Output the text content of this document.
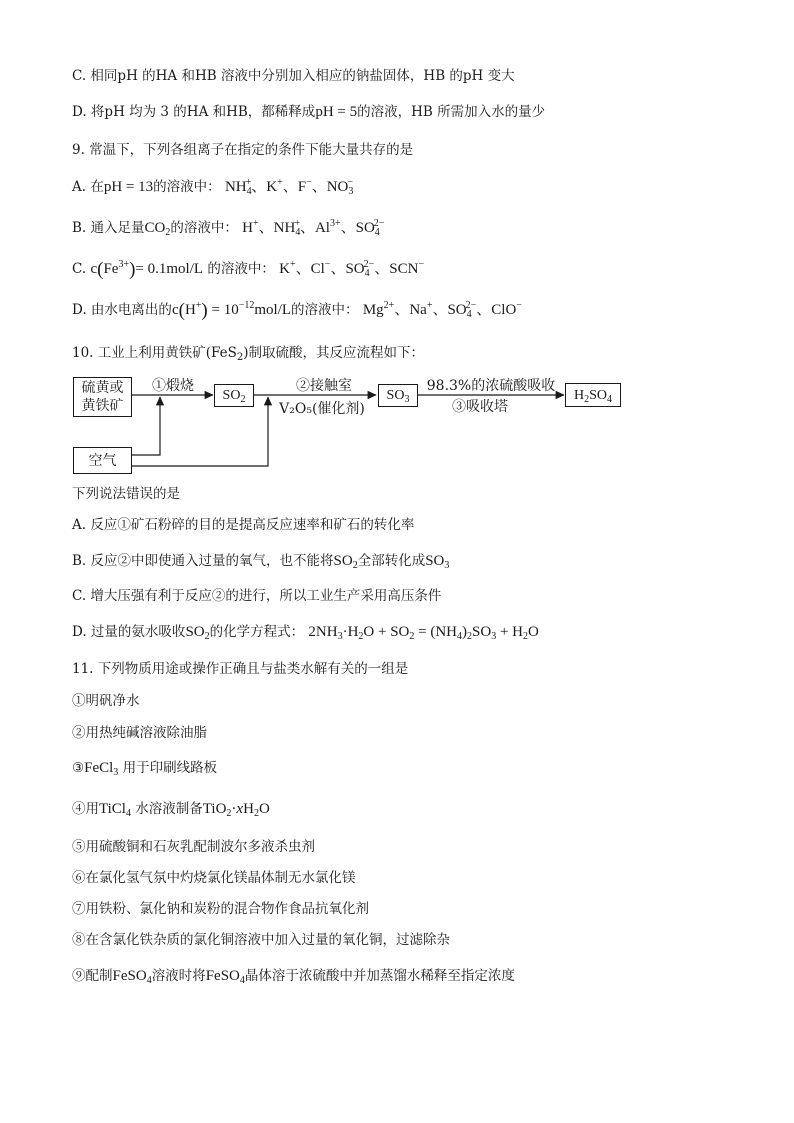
C. 相同pH 的HA 和HB 溶液中分别加入相应的钠盐固体，HB 的pH 变大
D. 将pH 均为 3 的HA 和HB，都稀释成pH = 5的溶液，HB 所需加入水的量少
9. 常温下，下列各组离子在指定的条件下能大量共存的是
A. 在pH = 13的溶液中： $NH_4^+$、K+、F−、$NO_3^-$
B. 通入足量$CO_2$的溶液中： H+、$NH_4^+$、$Al^{3+}$、$SO_4^{2-}$
C. $c(Fe^{3+})= 0.1mol/L$ 的溶液中： K+、Cl−、$SO_4^{2-}$、SCN−
D. 由水电离出的$c(H^+) = 10^{-12}mol/L$的溶液中： $Mg^{2+}$、Na+、$SO_4^{2-}$、ClO−
10. 工业上利用黄铁矿(FeS$_2$)制取硫酸，其反应流程如下：
硫黄或
黄铁矿
①煅烧
$SO_2$
②接触室
V₂O₅(催化剂)
$SO_3$
98.3%的浓硫酸吸收
③吸收塔
$H_2SO_4$
空气
下列说法错误的是
A. 反应①矿石粉碎的目的是提高反应速率和矿石的转化率
B. 反应②中即使通入过量的氧气，也不能将$SO_2$全部转化成$SO_3$
C. 增大压强有利于反应②的进行，所以工业生产采用高压条件
D. 过量的氨水吸收$SO_2$的化学方程式： $2NH_3\cdot H_2O + SO_2 = (NH_4)_2SO_3 + H_2O$
11. 下列物质用途或操作正确且与盐类水解有关的一组是
①明矾净水
②用热纯碱溶液除油脂
③FeCl$_3$ 用于印刷线路板
④用TiCl$_4$ 水溶液制备$TiO_2\cdot xH_2O$
⑤用硫酸铜和石灰乳配制波尔多液杀虫剂
⑥在氯化氢气氛中灼烧氯化镁晶体制无水氯化镁
⑦用铁粉、氯化钠和炭粉的混合物作食品抗氧化剂
⑧在含氯化铁杂质的氯化铜溶液中加入过量的氧化铜，过滤除杂
⑨配制FeSO$_4$溶液时将FeSO$_4$晶体溶于浓硫酸中并加蒸馏水稀释至指定浓度
